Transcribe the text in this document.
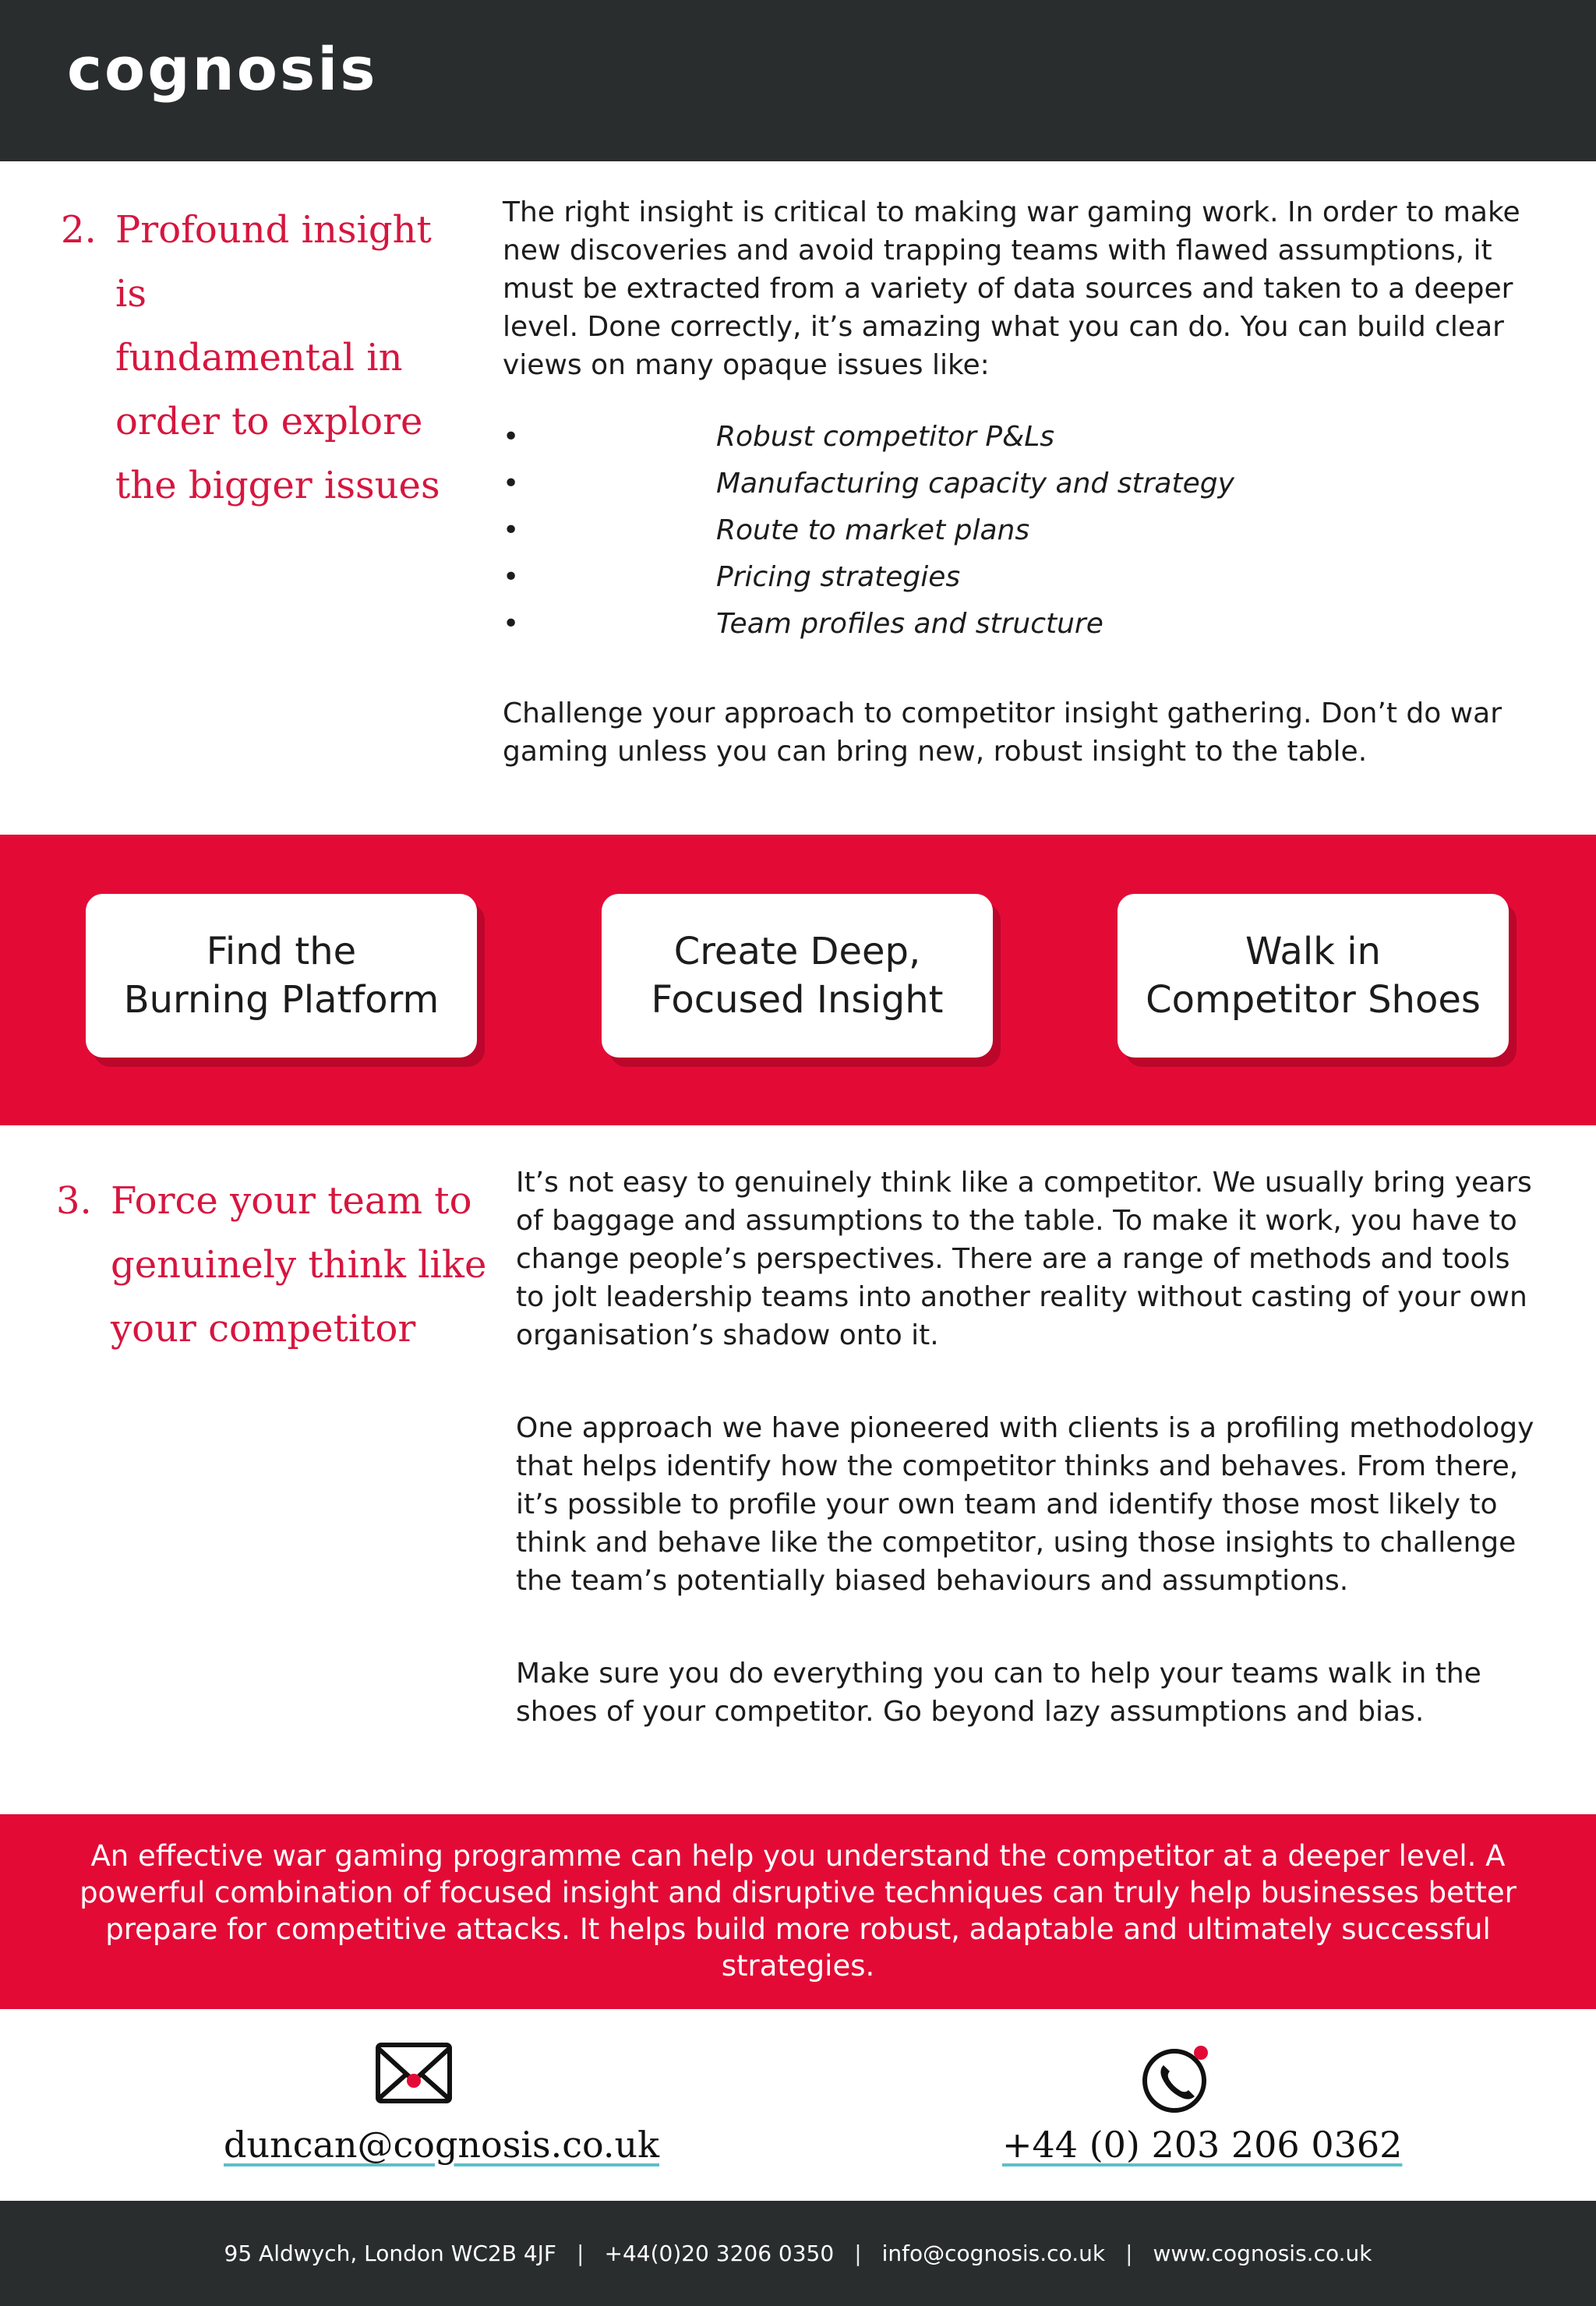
cognosis
2. Profound insight is
fundamental in
order to explore
the bigger issues

The right insight is critical to making war gaming work. In order to make new discoveries and avoid trapping teams with flawed assumptions, it must be extracted from a variety of data sources and taken to a deeper level. Done correctly, it’s amazing what you can do. You can build clear views on many opaque issues like:

•	Robust competitor P&Ls
•	Manufacturing capacity and strategy
•	Route to market plans
•	Pricing strategies
•	Team profiles and structure

Challenge your approach to competitor insight gathering. Don’t do war gaming unless you can bring new, robust insight to the table.

Find the
Burning Platform
Create Deep,
Focused Insight
Walk in
Competitor Shoes
3. Force your team to
genuinely think like
your competitor

It’s not easy to genuinely think like a competitor. We usually bring years of baggage and assumptions to the table. To make it work, you have to change people’s perspectives. There are a range of methods and tools to jolt leadership teams into another reality without casting of your own organisation’s shadow onto it.

One approach we have pioneered with clients is a profiling methodology that helps identify how the competitor thinks and behaves. From there, it’s possible to profile your own team and identify those most likely to think and behave like the competitor, using those insights to challenge the team’s potentially biased behaviours and assumptions.

Make sure you do everything you can to help your teams walk in the shoes of your competitor. Go beyond lazy assumptions and bias.

An effective war gaming programme can help you understand the competitor at a deeper level. A powerful combination of focused insight and disruptive techniques can truly help businesses better prepare for competitive attacks. It helps build more robust, adaptable and ultimately successful strategies.

duncan@cognosis.co.uk	+44 (0) 203 206 0362
95 Aldwych, London WC2B 4JF | +44(0)20 3206 0350 | info@cognosis.co.uk | www.cognosis.co.uk
